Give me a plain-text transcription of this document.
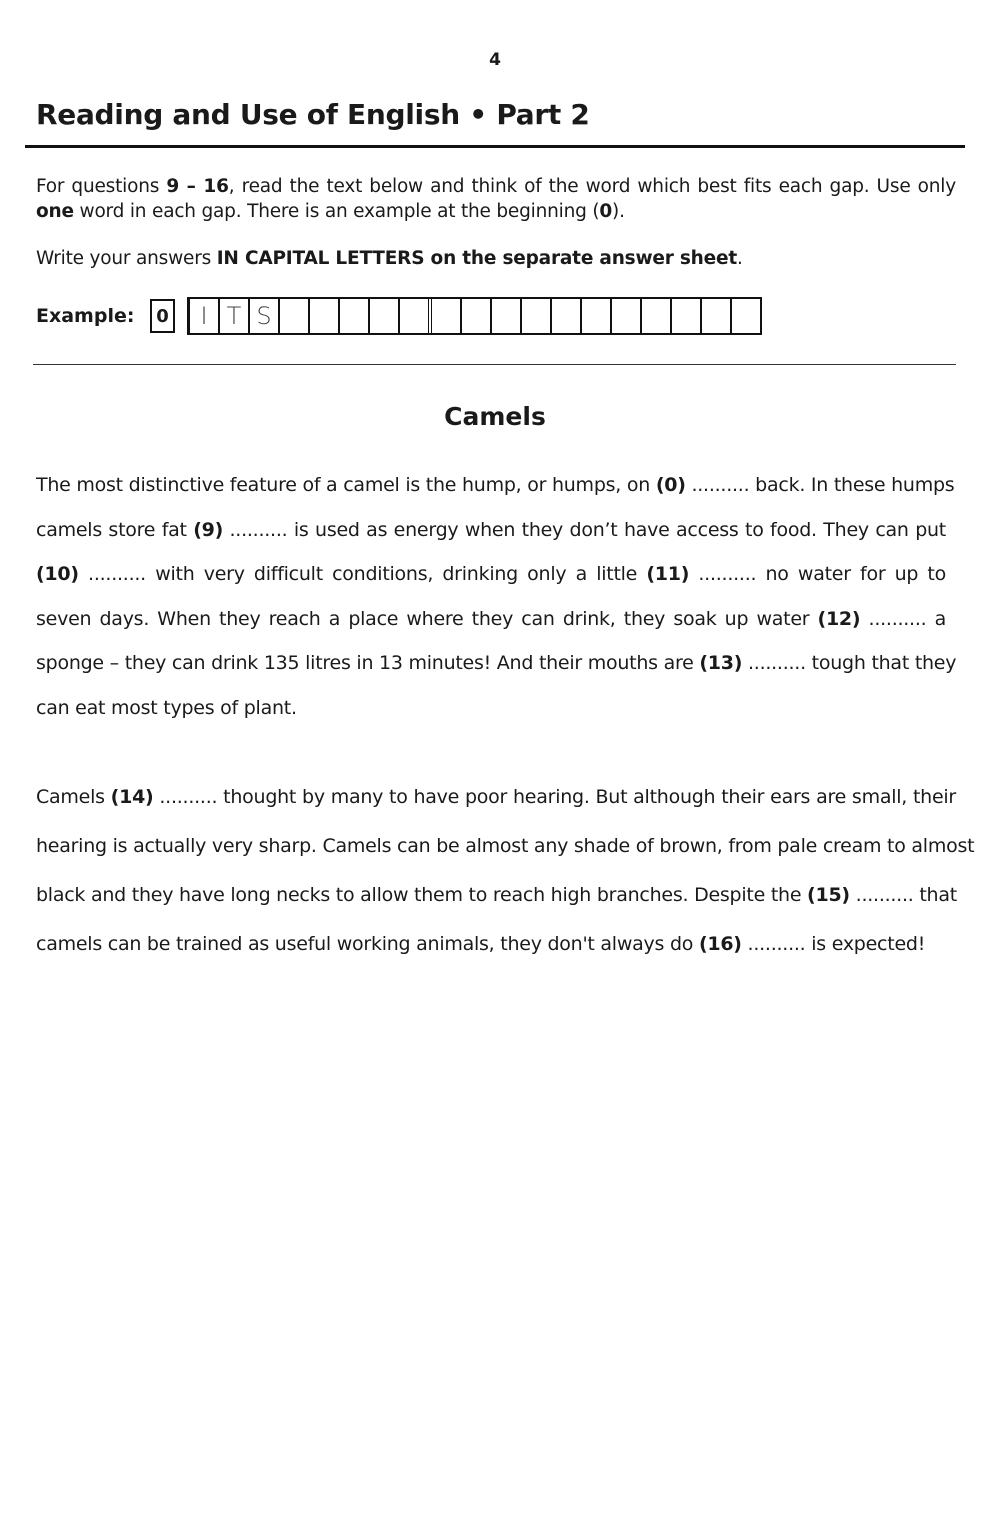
4
Reading and Use of English • Part 2

For questions 9 – 16, read the text below and think of the word which best fits each gap. Use only one word in each gap. There is an example at the beginning (0).

Write your answers IN CAPITAL LETTERS on the separate answer sheet.

Example:	0	I T S
Camels
The most distinctive feature of a camel is the hump, or humps, on (0) .......... back. In these humps
camels store fat (9) .......... is used as energy when they don’t have access to food. They can put
(10) .......... with very difficult conditions, drinking only a little (11) .......... no water for up to
seven days. When they reach a place where they can drink, they soak up water (12) .......... a
sponge – they can drink 135 litres in 13 minutes! And their mouths are (13) .......... tough that they
can eat most types of plant.
Camels (14) .......... thought by many to have poor hearing. But although their ears are small, their
hearing is actually very sharp. Camels can be almost any shade of brown, from pale cream to almost
black and they have long necks to allow them to reach high branches. Despite the (15) .......... that
camels can be trained as useful working animals, they don't always do (16) .......... is expected!
